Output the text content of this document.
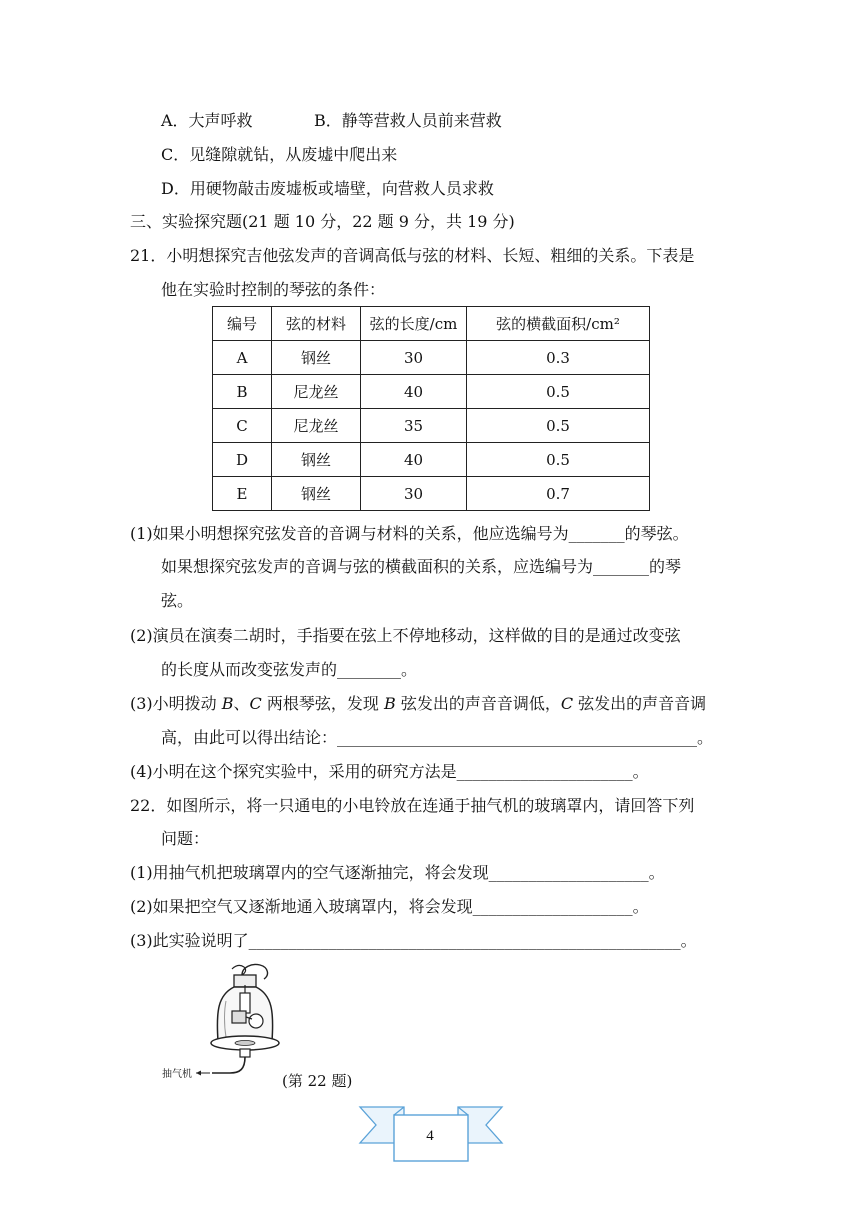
A．大声呼救	B．静等营救人员前来营救
C．见缝隙就钻，从废墟中爬出来
D．用硬物敲击废墟板或墙壁，向营救人员求救
三、实验探究题(21 题 10 分，22 题 9 分，共 19 分)
21．小明想探究吉他弦发声的音调高低与弦的材料、长短、粗细的关系。下表是
他在实验时控制的琴弦的条件：
编号	弦的材料	弦的长度/cm	弦的横截面积/cm²
A	钢丝	30	0.3
B	尼龙丝	40	0.5
C	尼龙丝	35	0.5
D	钢丝	40	0.5
E	钢丝	30	0.7
(1)如果小明想探究弦发音的音调与材料的关系，他应选编号为_______的琴弦。
如果想探究弦发声的音调与弦的横截面积的关系，应选编号为_______的琴
弦。
(2)演员在演奏二胡时，手指要在弦上不停地移动，这样做的目的是通过改变弦
的长度从而改变弦发声的________。
(3)小明拨动 B、C 两根琴弦，发现 B 弦发出的声音音调低，C 弦发出的声音音调
高，由此可以得出结论：_____________________________________________。
(4)小明在这个探究实验中，采用的研究方法是______________________。
22．如图所示，将一只通电的小电铃放在连通于抽气机的玻璃罩内，请回答下列
问题：
(1)用抽气机把玻璃罩内的空气逐渐抽完，将会发现____________________。
(2)如果把空气又逐渐地通入玻璃罩内，将会发现____________________。
(3)此实验说明了______________________________________________________。
抽气机	(第 22 题)
4
